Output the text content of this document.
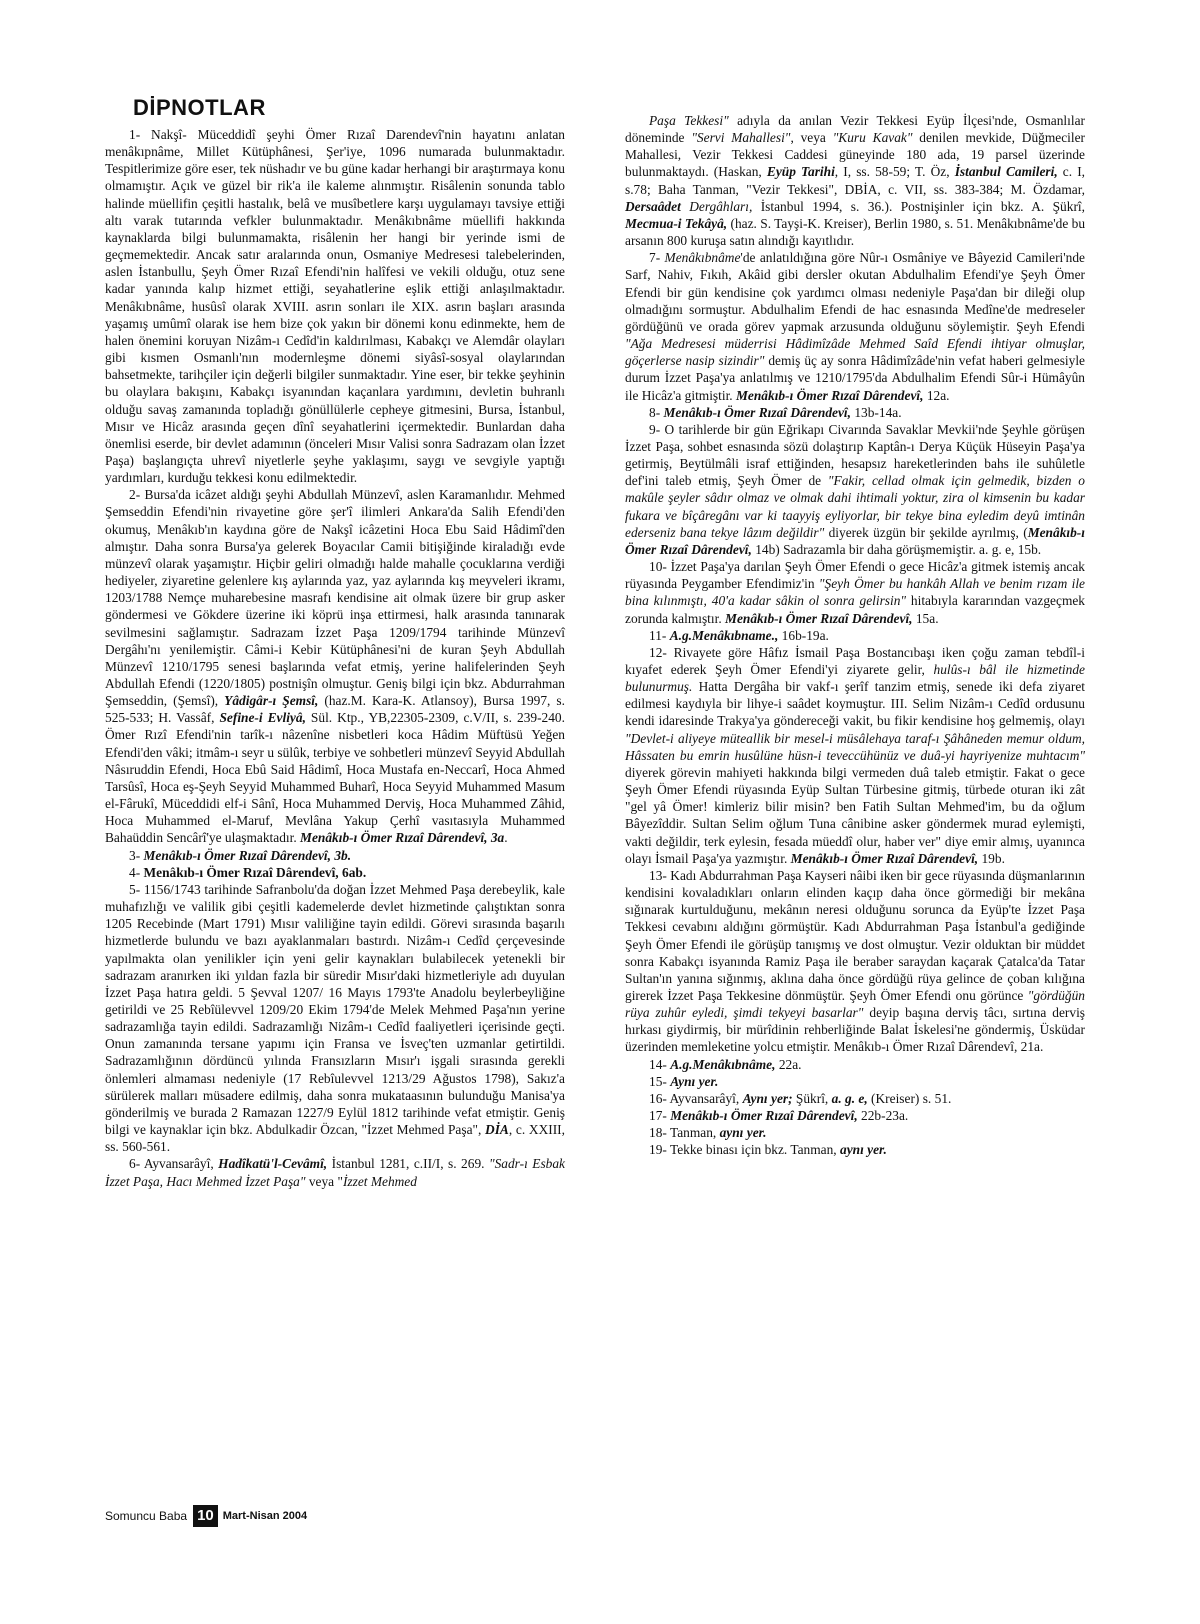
DİPNOTLAR

1- Nakşî- Müceddidî şeyhi Ömer Rızaî Darendevî'nin hayatını anlatan menâkıpnâme, Millet Kütüphânesi, Şer'iye, 1096 numarada bulunmaktadır. Tespitlerimize göre eser, tek nüshadır ve bu güne kadar herhangi bir araştırmaya konu olmamıştır. Açık ve güzel bir rik'a ile kaleme alınmıştır. Risâlenin sonunda tablo halinde müellifin çeşitli hastalık, belâ ve musîbetlere karşı uygulamayı tavsiye ettiği altı varak tutarında vefkler bulunmaktadır. Menâkıbnâme müellifi hakkında kaynaklarda bilgi bulunmamakta, risâlenin her hangi bir yerinde ismi de geçmemektedir. Ancak satır aralarında onun, Osmaniye Medresesi talebelerinden, aslen İstanbullu, Şeyh Ömer Rızaî Efendi'nin halîfesi ve vekili olduğu, otuz sene kadar yanında kalıp hizmet ettiği, seyahatlerine eşlik ettiği anlaşılmaktadır. Menâkıbnâme, husûsî olarak XVIII. asrın sonları ile XIX. asrın başları arasında yaşamış umûmî olarak ise hem bize çok yakın bir dönemi konu edinmekte, hem de halen önemini koruyan Nizâm-ı Cedîd'in kaldırılması, Kabakçı ve Alemdâr olayları gibi kısmen Osmanlı'nın modernleşme dönemi siyâsî-sosyal olaylarından bahsetmekte, tarihçiler için değerli bilgiler sunmaktadır. Yine eser, bir tekke şeyhinin bu olaylara bakışını, Kabakçı isyanından kaçanlara yardımını, devletin buhranlı olduğu savaş zamanında topladığı gönüllülerle cepheye gitmesini, Bursa, İstanbul, Mısır ve Hicâz arasında geçen dînî seyahatlerini içermektedir. Bunlardan daha önemlisi eserde, bir devlet adamının (önceleri Mısır Valisi sonra Sadrazam olan İzzet Paşa) başlangıçta uhrevî niyetlerle şeyhe yaklaşımı, saygı ve sevgiyle yaptığı yardımları, kurduğu tekkesi konu edilmektedir.

2- Bursa'da icâzet aldığı şeyhi Abdullah Münzevî, aslen Karamanlıdır. Mehmed Şemseddin Efendi'nin rivayetine göre şer'î ilimleri Ankara'da Salih Efendi'den okumuş, Menâkıb'ın kaydına göre de Nakşî icâzetini Hoca Ebu Said Hâdimî'den almıştır. Daha sonra Bursa'ya gelerek Boyacılar Camii bitişiğinde kiraladığı evde münzevî olarak yaşamıştır. Hiçbir geliri olmadığı halde mahalle çocuklarına verdiği hediyeler, ziyaretine gelenlere kış aylarında yaz, yaz aylarında kış meyveleri ikramı, 1203/1788 Nemçe muharebesine masrafı kendisine ait olmak üzere bir grup asker göndermesi ve Gökdere üzerine iki köprü inşa ettirmesi, halk arasında tanınarak sevilmesini sağlamıştır. Sadrazam İzzet Paşa 1209/1794 tarihinde Münzevî Dergâhı'nı yenilemiştir. Câmi-i Kebir Kütüphânesi'ni de kuran Şeyh Abdullah Münzevî 1210/1795 senesi başlarında vefat etmiş, yerine halifelerinden Şeyh Abdullah Efendi (1220/1805) postnişîn olmuştur. Geniş bilgi için bkz. Abdurrahman Şemseddin, (Şemsî), Yâdigâr-ı Şemsî, (haz.M. Kara-K. Atlansoy), Bursa 1997, s. 525-533; H. Vassâf, Sefine-i Evliyâ, Sül. Ktp., YB,22305-2309, c.V/II, s. 239-240. Ömer Rızî Efendi'nin tarîk-ı nâzenîne nisbetleri koca Hâdim Müftüsü Yeğen Efendi'den vâki; itmâm-ı seyr u sülûk, terbiye ve sohbetleri münzevî Seyyid Abdullah Nâsıruddin Efendi, Hoca Ebû Said Hâdimî, Hoca Mustafa en-Neccarî, Hoca Ahmed Tarsûsî, Hoca eş-Şeyh Seyyid Muhammed Buharî, Hoca Seyyid Muhammed Masum el-Fârukî, Müceddidi elf-i Sânî, Hoca Muhammed Derviş, Hoca Muhammed Zâhid, Hoca Muhammed el-Maruf, Mevlâna Yakup Çerhî vasıtasıyla Muhammed Bahaüddin Sencârî'ye ulaşmaktadır. Menâkıb-ı Ömer Rızaî Dârendevî, 3a.

3- Menâkıb-ı Ömer Rızaî Dârendevî, 3b.

4- Menâkıb-ı Ömer Rızaî Dârendevî, 6ab.

5- 1156/1743 tarihinde Safranbolu'da doğan İzzet Mehmed Paşa derebeylik, kale muhafızlığı ve valilik gibi çeşitli kademelerde devlet hizmetinde çalıştıktan sonra 1205 Recebinde (Mart 1791) Mısır valiliğine tayin edildi. Görevi sırasında başarılı hizmetlerde bulundu ve bazı ayaklanmaları bastırdı. Nizâm-ı Cedîd çerçevesinde yapılmakta olan yenilikler için yeni gelir kaynakları bulabilecek yetenekli bir sadrazam aranırken iki yıldan fazla bir süredir Mısır'daki hizmetleriyle adı duyulan İzzet Paşa hatıra geldi. 5 Şevval 1207/ 16 Mayıs 1793'te Anadolu beylerbeyliğine getirildi ve 25 Rebîülevvel 1209/20 Ekim 1794'de Melek Mehmed Paşa'nın yerine sadrazamlığa tayin edildi. Sadrazamlığı Nizâm-ı Cedîd faaliyetleri içerisinde geçti. Onun zamanında tersane yapımı için Fransa ve İsveç'ten uzmanlar getirtildi. Sadrazamlığının dördüncü yılında Fransızların Mısır'ı işgali sırasında gerekli önlemleri almaması nedeniyle (17 Rebîulevvel 1213/29 Ağustos 1798), Sakız'a sürülerek malları müsadere edilmiş, daha sonra mukataasının bulunduğu Manisa'ya gönderilmiş ve burada 2 Ramazan 1227/9 Eylül 1812 tarihinde vefat etmiştir. Geniş bilgi ve kaynaklar için bkz. Abdulkadir Özcan, "İzzet Mehmed Paşa", DİA, c. XXIII, ss. 560-561.

6- Ayvansarâyî, Hadîkatü'l-Cevâmî, İstanbul 1281, c.II/I, s. 269. "Sadr-ı Esbak İzzet Paşa, Hacı Mehmed İzzet Paşa" veya "İzzet Mehmed

Paşa Tekkesi" adıyla da anılan Vezir Tekkesi Eyüp İlçesi'nde, Osmanlılar döneminde "Servi Mahallesi", veya "Kuru Kavak" denilen mevkide, Düğmeciler Mahallesi, Vezir Tekkesi Caddesi güneyinde 180 ada, 19 parsel üzerinde bulunmaktaydı. (Haskan, Eyüp Tarihi, I, ss. 58-59; T. Öz, İstanbul Camileri, c. I, s.78; Baha Tanman, "Vezir Tekkesi", DBİA, c. VII, ss. 383-384; M. Özdamar, Dersaâdet Dergâhları, İstanbul 1994, s. 36.). Postnişinler için bkz. A. Şükrî, Mecmua-i Tekâyâ, (haz. S. Tayşi-K. Kreiser), Berlin 1980, s. 51. Menâkıbnâme'de bu arsanın 800 kuruşa satın alındığı kayıtlıdır.

7- Menâkıbnâme'de anlatıldığına göre Nûr-ı Osmâniye ve Bâyezid Camileri'nde Sarf, Nahiv, Fıkıh, Akâid gibi dersler okutan Abdulhalim Efendi'ye Şeyh Ömer Efendi bir gün kendisine çok yardımcı olması nedeniyle Paşa'dan bir dileği olup olmadığını sormuştur. Abdulhalim Efendi de hac esnasında Medîne'de medreseler gördüğünü ve orada görev yapmak arzusunda olduğunu söylemiştir. Şeyh Efendi "Ağa Medresesi müderrisi Hâdimîzâde Mehmed Saîd Efendi ihtiyar olmuşlar, göçerlerse nasip sizindir" demiş üç ay sonra Hâdimîzâde'nin vefat haberi gelmesiyle durum İzzet Paşa'ya anlatılmış ve 1210/1795'da Abdulhalim Efendi Sûr-i Hümâyûn ile Hicâz'a gitmiştir. Menâkıb-ı Ömer Rızaî Dârendevî, 12a.

8- Menâkıb-ı Ömer Rızaî Dârendevî, 13b-14a.

9- O tarihlerde bir gün Eğrikapı Civarında Savaklar Mevkii'nde Şeyhle görüşen İzzet Paşa, sohbet esnasında sözü dolaştırıp Kaptân-ı Derya Küçük Hüseyin Paşa'ya getirmiş, Beytülmâli israf ettiğinden, hesapsız hareketlerinden bahs ile suhûletle def'ini taleb etmiş, Şeyh Ömer de "Fakir, cellad olmak için gelmedik, bizden o makûle şeyler sâdır olmaz ve olmak dahi ihtimali yoktur, zira ol kimsenin bu kadar fukara ve bîçâregânı var ki taayyiş eyliyorlar, bir tekye bina eyledim deyû imtinân ederseniz bana tekye lâzım değildir" diyerek üzgün bir şekilde ayrılmış, (Menâkıb-ı Ömer Rızaî Dârendevî, 14b) Sadrazamla bir daha görüşmemiştir. a. g. e, 15b.

10- İzzet Paşa'ya darılan Şeyh Ömer Efendi o gece Hicâz'a gitmek istemiş ancak rüyasında Peygamber Efendimiz'in "Şeyh Ömer bu hankâh Allah ve benim rızam ile bina kılınmıştı, 40'a kadar sâkin ol sonra gelirsin" hitabıyla kararından vazgeçmek zorunda kalmıştır. Menâkıb-ı Ömer Rızaî Dârendevî, 15a.

11- A.g.Menâkıbname., 16b-19a.

12- Rivayete göre Hâfız İsmail Paşa Bostancıbaşı iken çoğu zaman tebdîl-i kıyafet ederek Şeyh Ömer Efendi'yi ziyarete gelir, hulûs-ı bâl ile hizmetinde bulunurmuş. Hatta Dergâha bir vakf-ı şerîf tanzim etmiş, senede iki defa ziyaret edilmesi kaydıyla bir lihye-i saâdet koymuştur. III. Selim Nizâm-ı Cedîd ordusunu kendi idaresinde Trakya'ya göndereceği vakit, bu fikir kendisine hoş gelmemiş, olayı "Devlet-i aliyeye müteallik bir mesel-i müsâlehaya taraf-ı Şâhâneden memur oldum, Hâssaten bu emrin husûlüne hüsn-i teveccühünüz ve duâ-yi hayriyenize muhtacım" diyerek görevin mahiyeti hakkında bilgi vermeden duâ taleb etmiştir. Fakat o gece Şeyh Ömer Efendi rüyasında Eyüp Sultan Türbesine gitmiş, türbede oturan iki zât "gel yâ Ömer! kimleriz bilir misin? ben Fatih Sultan Mehmed'im, bu da oğlum Bâyezîddir. Sultan Selim oğlum Tuna cânibine asker göndermek murad eylemişti, vakti değildir, terk eylesin, fesada müeddî olur, haber ver" diye emir almış, uyanınca olayı İsmail Paşa'ya yazmıştır. Menâkıb-ı Ömer Rızaî Dârendevî, 19b.

13- Kadı Abdurrahman Paşa Kayseri nâibi iken bir gece rüyasında düşmanlarının kendisini kovaladıkları onların elinden kaçıp daha önce görmediği bir mekâna sığınarak kurtulduğunu, mekânın neresi olduğunu sorunca da Eyüp'te İzzet Paşa Tekkesi cevabını aldığını görmüştür. Kadı Abdurrahman Paşa İstanbul'a gediğinde Şeyh Ömer Efendi ile görüşüp tanışmış ve dost olmuştur. Vezir olduktan bir müddet sonra Kabakçı isyanında Ramiz Paşa ile beraber saraydan kaçarak Çatalca'da Tatar Sultan'ın yanına sığınmış, aklına daha önce gördüğü rüya gelince de çoban kılığına girerek İzzet Paşa Tekkesine dönmüştür. Şeyh Ömer Efendi onu görünce "gördüğün rüya zuhûr eyledi, şimdi tekyeyi basarlar" deyip başına derviş tâcı, sırtına derviş hırkası giydirmiş, bir mürîdinin rehberliğinde Balat İskelesi'ne göndermiş, Üsküdar üzerinden memleketine yolcu etmiştir. Menâkıb-ı Ömer Rızaî Dârendevî, 21a.

14- A.g.Menâkıbnâme, 22a.

15- Aynı yer.

16- Ayvansarâyî, Aynı yer; Şükrî, a. g. e, (Kreiser) s. 51.

17- Menâkıb-ı Ömer Rızaî Dârendevî, 22b-23a.

18- Tanman, aynı yer.

19- Tekke binası için bkz. Tanman, aynı yer.

Somuncu Baba 10 Mart-Nisan 2004
